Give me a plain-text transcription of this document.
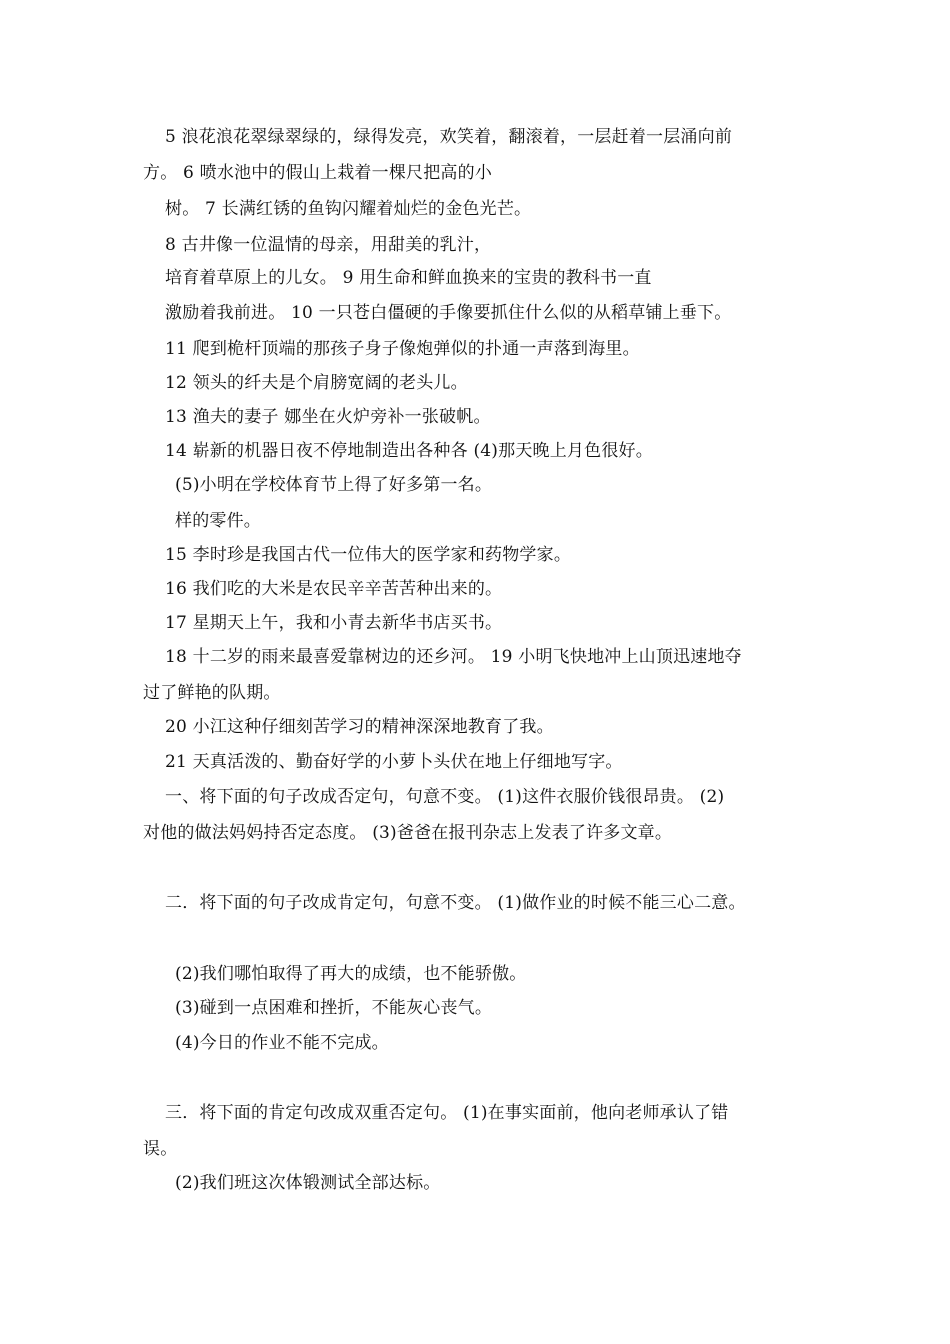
5 浪花浪花翠绿翠绿的，绿得发亮，欢笑着，翻滚着，一层赶着一层涌向前
方。 6 喷水池中的假山上栽着一棵尺把高的小
树。 7 长满红锈的鱼钩闪耀着灿烂的金色光芒。
8 古井像一位温情的母亲，用甜美的乳汁，
培育着草原上的儿女。 9 用生命和鲜血换来的宝贵的教科书一直
激励着我前进。 10 一只苍白僵硬的手像要抓住什么似的从稻草铺上垂下。
11 爬到桅杆顶端的那孩子身子像炮弹似的扑通一声落到海里。
12 领头的纤夫是个肩膀宽阔的老头儿。
13 渔夫的妻子 娜坐在火炉旁补一张破帆。
14 崭新的机器日夜不停地制造出各种各 (4)那天晚上月色很好。
(5)小明在学校体育节上得了好多第一名。
样的零件。
15 李时珍是我国古代一位伟大的医学家和药物学家。
16 我们吃的大米是农民辛辛苦苦种出来的。
17 星期天上午，我和小青去新华书店买书。
18 十二岁的雨来最喜爱靠树边的还乡河。 19 小明飞快地冲上山顶迅速地夺
过了鲜艳的队期。
20 小江这种仔细刻苦学习的精神深深地教育了我。
21 天真活泼的、勤奋好学的小萝卜头伏在地上仔细地写字。
一、将下面的句子改成否定句，句意不变。 (1)这件衣服价钱很昂贵。 (2)
对他的做法妈妈持否定态度。 (3)爸爸在报刊杂志上发表了许多文章。
二．将下面的句子改成肯定句，句意不变。 (1)做作业的时候不能三心二意。
(2)我们哪怕取得了再大的成绩，也不能骄傲。
(3)碰到一点困难和挫折，不能灰心丧气。
(4)今日的作业不能不完成。
三．将下面的肯定句改成双重否定句。 (1)在事实面前，他向老师承认了错
误。
(2)我们班这次体锻测试全部达标。
